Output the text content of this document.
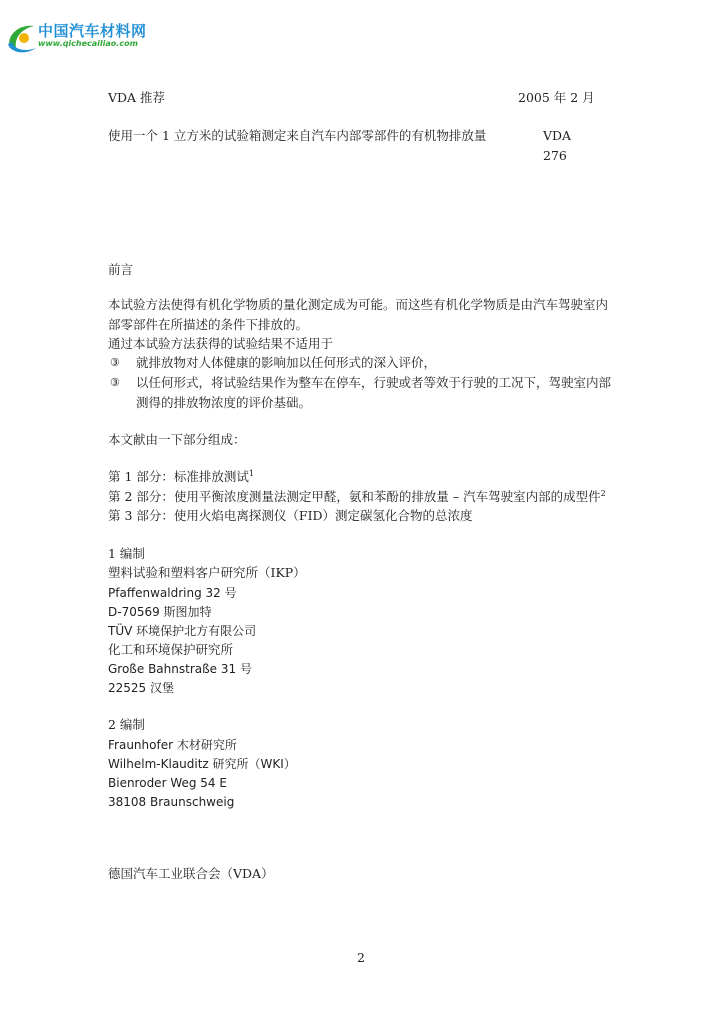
中国汽车材料网
www.qichecailiao.com
VDA 推荐	2005 年 2 月
使用一个 1 立方米的试验箱测定来自汽车内部零部件的有机物排放量	VDA
276
前言
本试验方法使得有机化学物质的量化测定成为可能。而这些有机化学物质是由汽车驾驶室内
部零部件在所描述的条件下排放的。
通过本试验方法获得的试验结果不适用于
③ 就排放物对人体健康的影响加以任何形式的深入评价，
③ 以任何形式，将试验结果作为整车在停车，行驶或者等效于行驶的工况下，驾驶室内部
测得的排放物浓度的评价基础。
本文献由一下部分组成：
第 1 部分：标准排放测试$^1$
第 2 部分：使用平衡浓度测量法测定甲醛，氨和苯酚的排放量 – 汽车驾驶室内部的成型件$^2$
第 3 部分：使用火焰电离探测仪（FID）测定碳氢化合物的总浓度
1 编制
塑料试验和塑料客户研究所（IKP）
Pfaffenwaldring 32 号
D-70569 斯图加特
TÜV 环境保护北方有限公司
化工和环境保护研究所
Große Bahnstraße 31 号
22525 汉堡
2 编制
Fraunhofer 木材研究所
Wilhelm-Klauditz 研究所（WKI）
Bienroder Weg 54 E
38108 Braunschweig
德国汽车工业联合会（VDA）
2
